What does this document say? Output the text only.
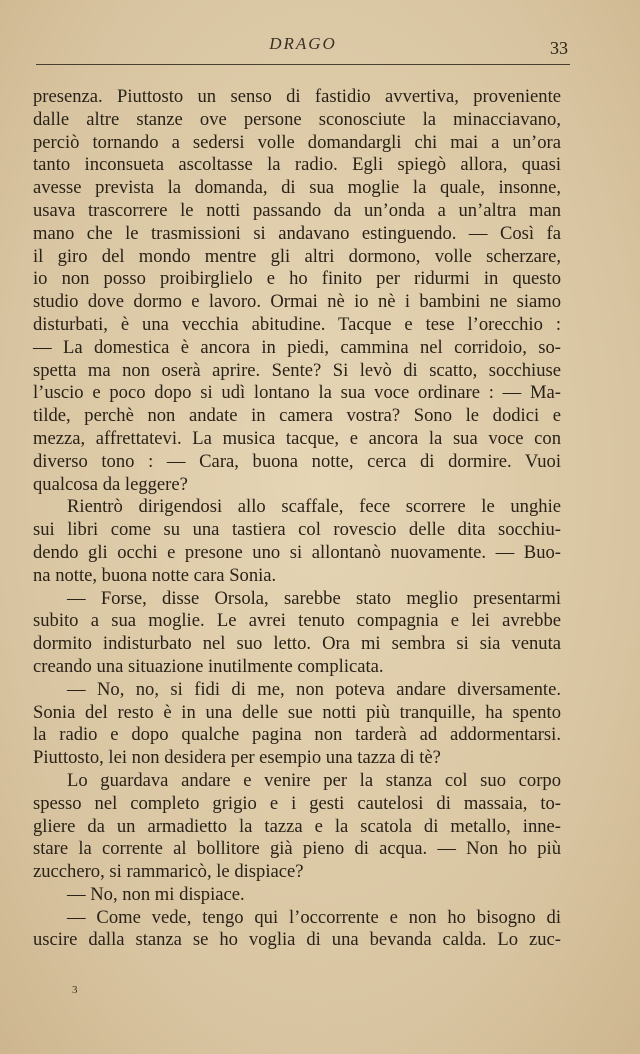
DRAGO	33
presenza. Piuttosto un senso di fastidio avvertiva, proveniente
dalle altre stanze ove persone sconosciute la minacciavano,
perciò tornando a sedersi volle domandargli chi mai a un’ora
tanto inconsueta ascoltasse la radio. Egli spiegò allora, quasi
avesse prevista la domanda, di sua moglie la quale, insonne,
usava trascorrere le notti passando da un’onda a un’altra man
mano che le trasmissioni si andavano estinguendo. — Così fa
il giro del mondo mentre gli altri dormono, volle scherzare,
io non posso proibirglielo e ho finito per ridurmi in questo
studio dove dormo e lavoro. Ormai nè io nè i bambini ne siamo
disturbati, è una vecchia abitudine. Tacque e tese l’orecchio :
— La domestica è ancora in piedi, cammina nel corridoio, so-
spetta ma non oserà aprire. Sente? Si levò di scatto, socchiuse
l’uscio e poco dopo si udì lontano la sua voce ordinare : — Ma-
tilde, perchè non andate in camera vostra? Sono le dodici e
mezza, affrettatevi. La musica tacque, e ancora la sua voce con
diverso tono : — Cara, buona notte, cerca di dormire. Vuoi
qualcosa da leggere?
Rientrò dirigendosi allo scaffale, fece scorrere le unghie
sui libri come su una tastiera col rovescio delle dita socchiu-
dendo gli occhi e presone uno si allontanò nuovamente. — Buo-
na notte, buona notte cara Sonia.
— Forse, disse Orsola, sarebbe stato meglio presentarmi
subito a sua moglie. Le avrei tenuto compagnia e lei avrebbe
dormito indisturbato nel suo letto. Ora mi sembra si sia venuta
creando una situazione inutilmente complicata.
— No, no, si fidi di me, non poteva andare diversamente.
Sonia del resto è in una delle sue notti più tranquille, ha spento
la radio e dopo qualche pagina non tarderà ad addormentarsi.
Piuttosto, lei non desidera per esempio una tazza di tè?
Lo guardava andare e venire per la stanza col suo corpo
spesso nel completo grigio e i gesti cautelosi di massaia, to-
gliere da un armadietto la tazza e la scatola di metallo, inne-
stare la corrente al bollitore già pieno di acqua. — Non ho più
zucchero, si rammaricò, le dispiace?
— No, non mi dispiace.
— Come vede, tengo qui l’occorrente e non ho bisogno di
uscire dalla stanza se ho voglia di una bevanda calda. Lo zuc-
3
